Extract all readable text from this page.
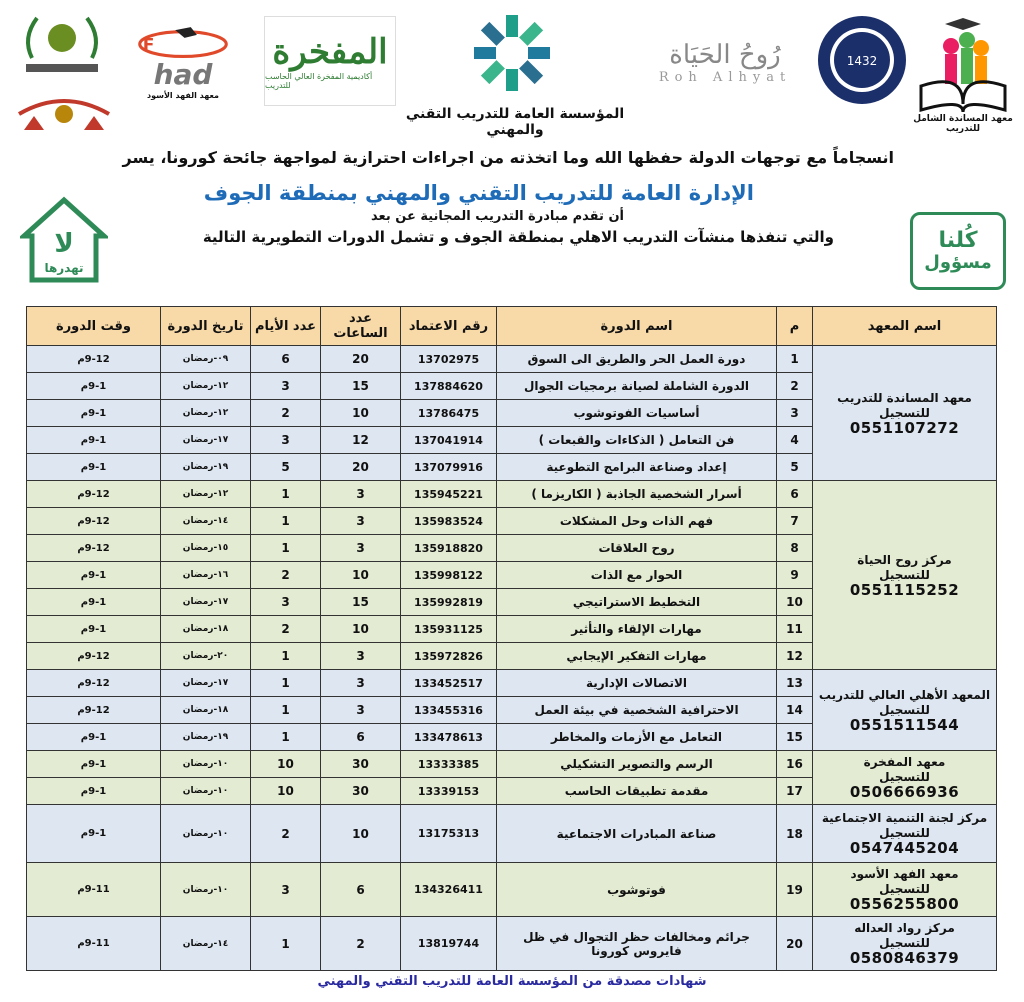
F
had
معهد الفهد الأسود
المفخرة
أكاديمية المفخرة العالي الحاسب للتدريب
المؤسسة العامة للتدريب التقني والمهني
رُوحُ الحَيَاة
Roh Alhyat
1432
معهد المساندة الشامل للتدريب
انسجاماً مع توجهات الدولة حفظها الله وما اتخذته من اجراءات احترازية لمواجهة جائحة كورونا، يسر
الإدارة العامة للتدريب التقني والمهني بمنطقة الجوف
أن تقدم مبادرة التدريب المجانية عن بعد
والتي تنفذها منشآت التدريب الاهلي بمنطقة الجوف و تشمل الدورات التطويرية التالية
لا
تهدرها
كُلنا
مسؤول
اسم المعهد	م	اسم الدورة	رقم الاعتماد	عدد الساعات	عدد الأيام	تاريخ الدورة	وقت الدورة

معهد المساندة للتدريب
للتسجيل
0551107272	1	دورة العمل الحر والطريق الى السوق	13702975	20	6	٠٩-رمضان	9-12م
	2	الدورة الشاملة لصيانة برمجيات الجوال	137884620	15	3	١٢-رمضان	9-1م
	3	أساسيات الفوتوشوب	13786475	10	2	١٢-رمضان	9-1م
	4	فن التعامل ( الذكاءات والقبعات )	137041914	12	3	١٧-رمضان	9-1م
	5	إعداد وصناعة البرامج التطوعية	137079916	20	5	١٩-رمضان	9-1م

مركز روح الحياة
للتسجيل
0551115252	6	أسرار الشخصية الجاذبة ( الكاريزما )	135945221	3	1	١٢-رمضان	9-12م
	7	فهم الذات وحل المشكلات	135983524	3	1	١٤-رمضان	9-12م
	8	روح العلاقات	135918820	3	1	١٥-رمضان	9-12م
	9	الحوار مع الذات	135998122	10	2	١٦-رمضان	9-1م
	10	التخطيط الاستراتيجي	135992819	15	3	١٧-رمضان	9-1م
	11	مهارات الإلقاء والتأثير	135931125	10	2	١٨-رمضان	9-1م
	12	مهارات التفكير الإيجابي	135972826	3	1	٢٠-رمضان	9-12م

المعهد الأهلي العالي للتدريب
للتسجيل
0551511544	13	الاتصالات الإدارية	133452517	3	1	١٧-رمضان	9-12م
	14	الاحترافية الشخصية في بيئة العمل	133455316	3	1	١٨-رمضان	9-12م
	15	التعامل مع الأزمات والمخاطر	133478613	6	1	١٩-رمضان	9-1م

معهد المفخرة
للتسجيل
0506666936	16	الرسم والتصوير التشكيلي	13333385	30	10	١٠-رمضان	9-1م
	17	مقدمة تطبيقات الحاسب	13339153	30	10	١٠-رمضان	9-1م

مركز لجنة التنمية الاجتماعية
للتسجيل
0547445204	18	صناعة المبادرات الاجتماعية	13175313	10	2	١٠-رمضان	9-1م

معهد الفهد الأسود
للتسجيل
0556255800	19	فوتوشوب	134326411	6	3	١٠-رمضان	9-11م

مركز رواد العداله
للتسجيل
0580846379	20	جرائم ومخالفات حظر التجوال في ظل فايروس كورونا	13819744	2	1	١٤-رمضان	9-11م
شهادات مصدقة من المؤسسة العامة للتدريب التقني والمهني
